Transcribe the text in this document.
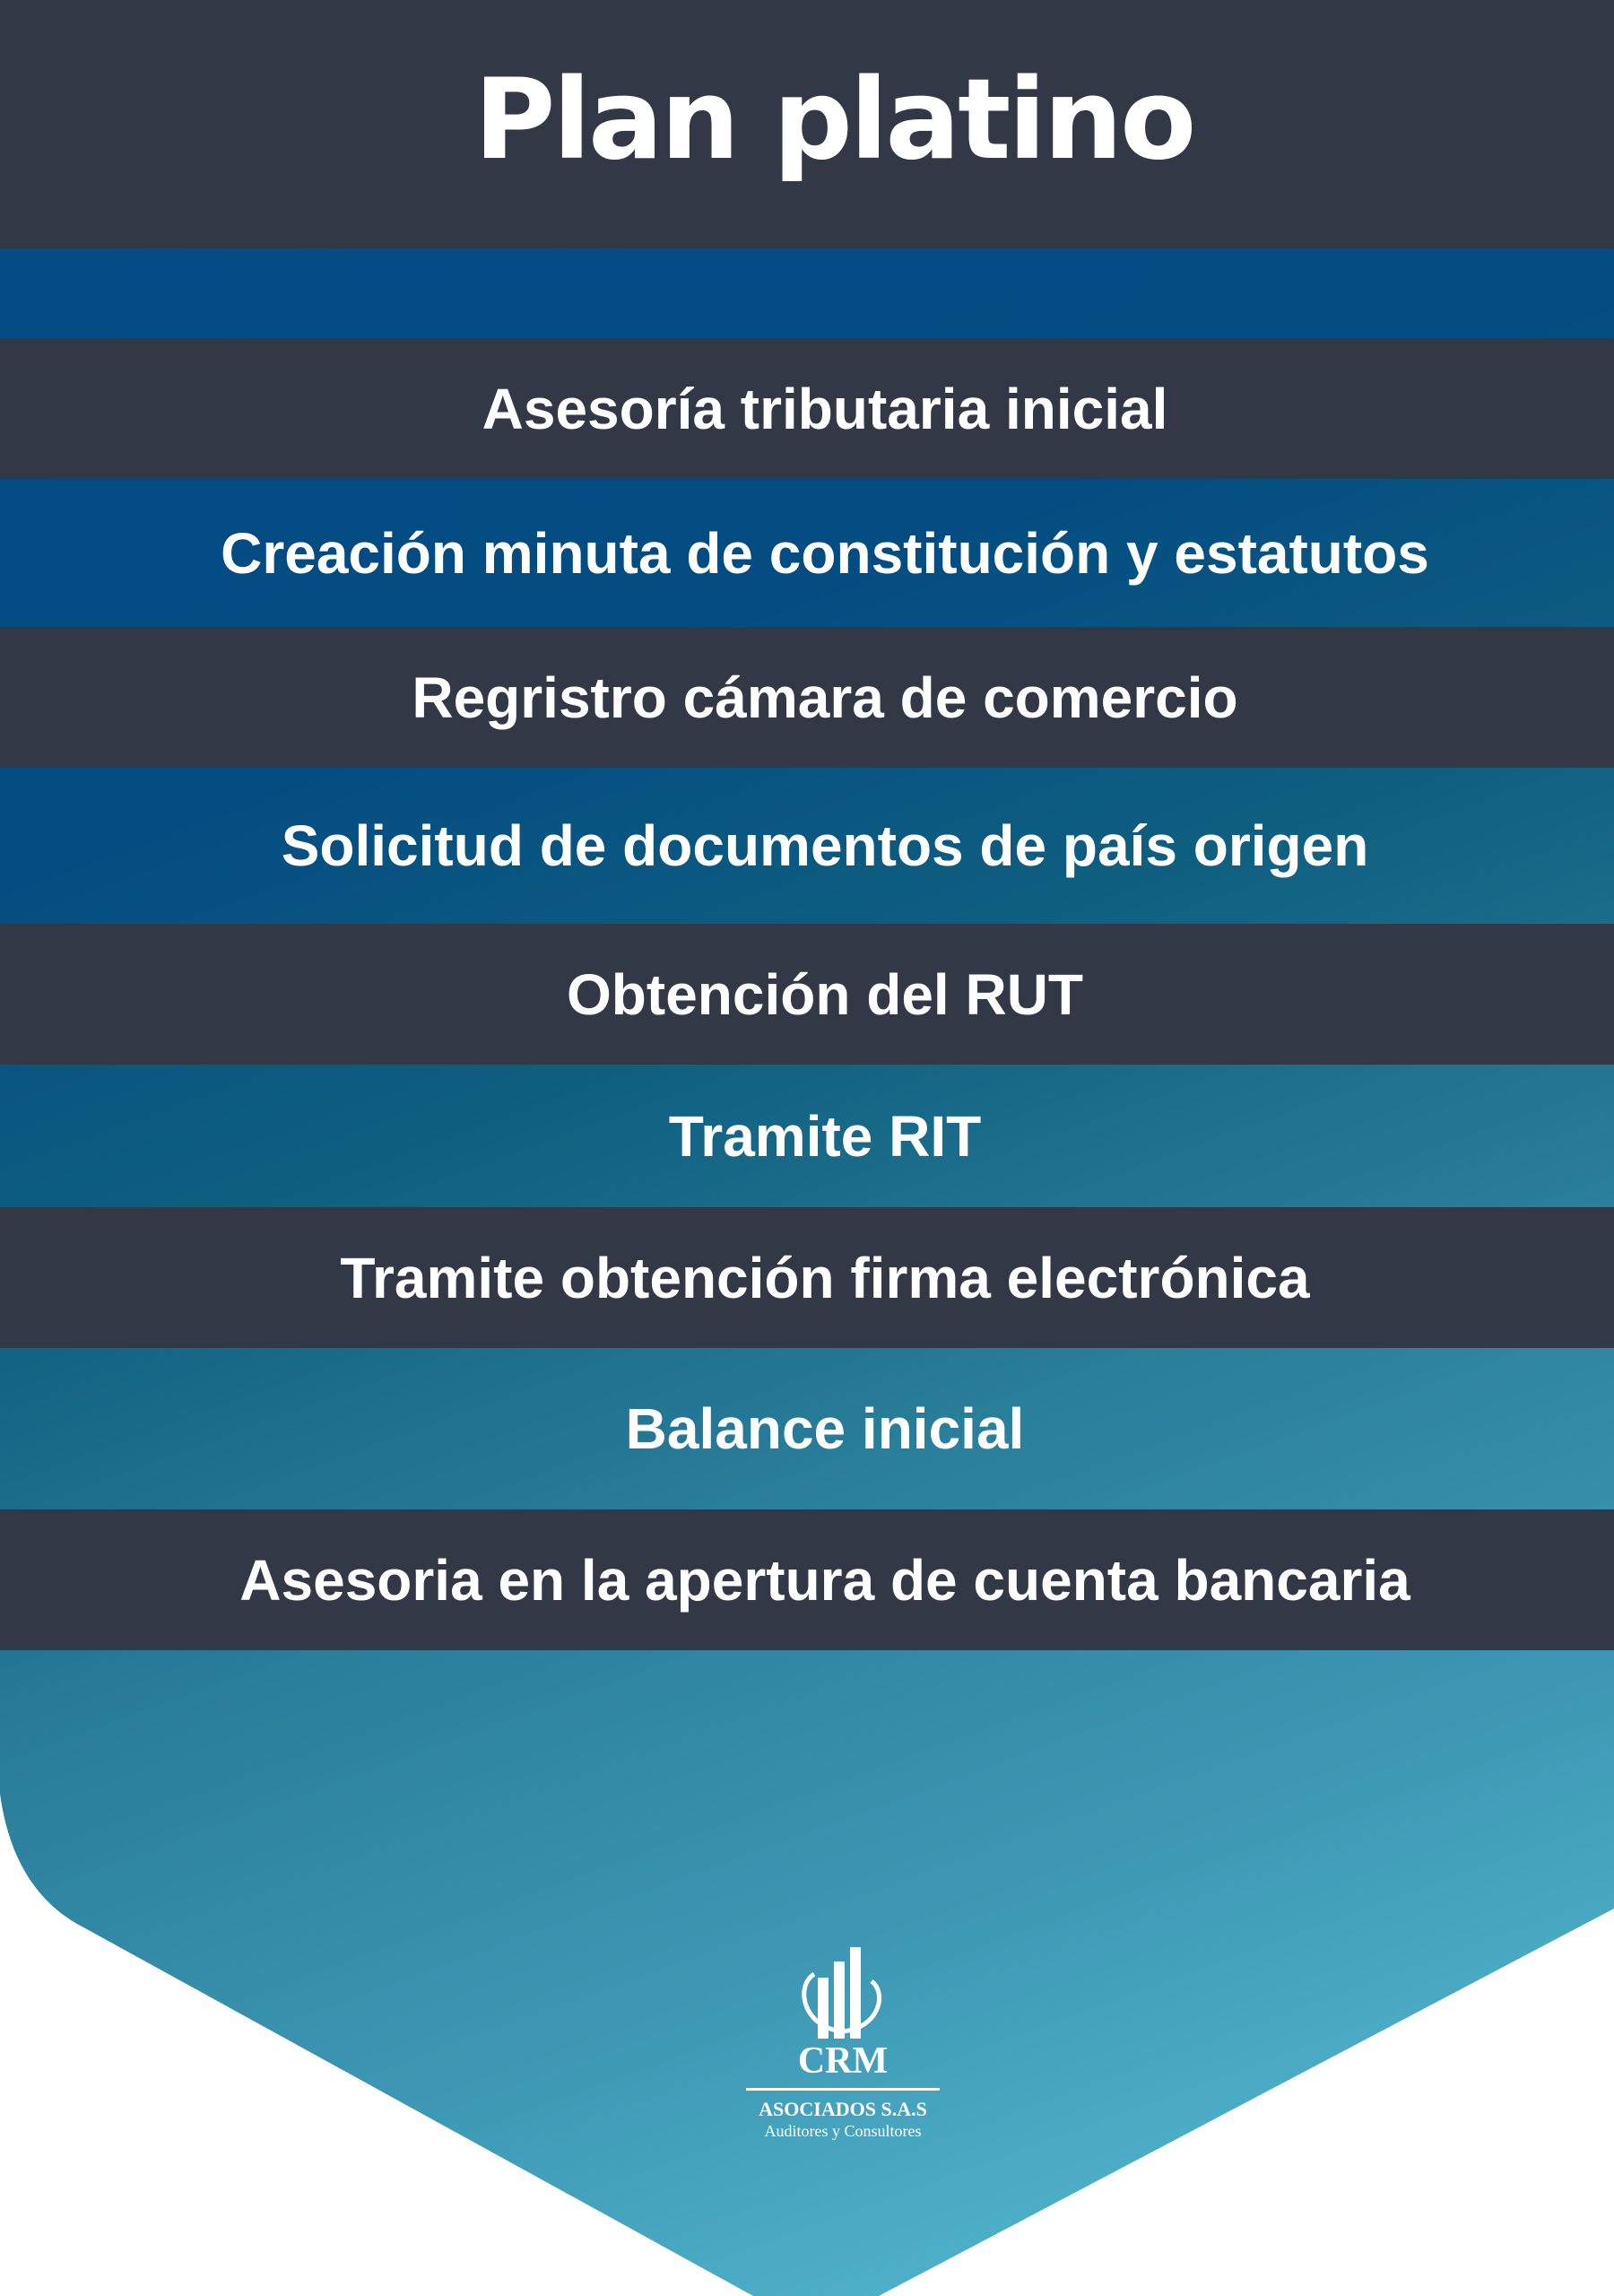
Plan platino
Asesoría tributaria inicial
Creación minuta de constitución y estatutos
Regristro cámara de comercio
Solicitud de documentos de país origen
Obtención del RUT
Tramite RIT
Tramite obtención firma electrónica
Balance inicial
Asesoria en la apertura de cuenta bancaria
CRM
ASOCIADOS S.A.S
Auditores y Consultores
